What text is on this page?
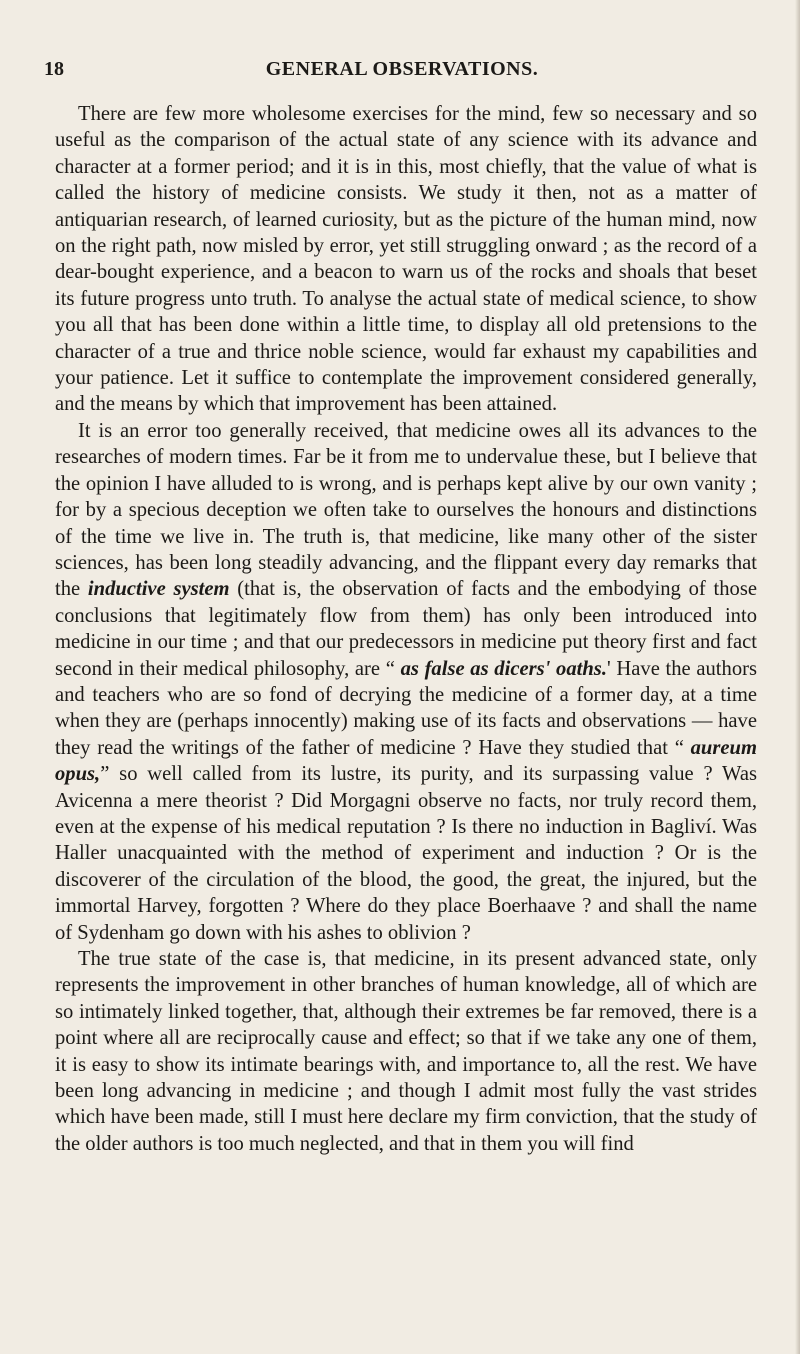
18	GENERAL OBSERVATIONS.

There are few more wholesome exercises for the mind, few so necessary and so useful as the comparison of the actual state of any science with its advance and character at a former period; and it is in this, most chiefly, that the value of what is called the history of medicine consists. We study it then, not as a matter of antiquarian research, of learned curiosity, but as the picture of the human mind, now on the right path, now misled by error, yet still struggling onward ; as the record of a dear-bought experience, and a beacon to warn us of the rocks and shoals that beset its future progress unto truth. To analyse the actual state of medical science, to show you all that has been done within a little time, to display all old pretensions to the character of a true and thrice noble science, would far exhaust my capabilities and your patience. Let it suffice to contemplate the improvement considered generally, and the means by which that improvement has been attained.

It is an error too generally received, that medicine owes all its advances to the researches of modern times. Far be it from me to undervalue these, but I believe that the opinion I have alluded to is wrong, and is perhaps kept alive by our own vanity ; for by a specious deception we often take to ourselves the honours and distinctions of the time we live in. The truth is, that medicine, like many other of the sister sciences, has been long steadily advancing, and the flippant every day remarks that the inductive system (that is, the observation of facts and the embodying of those conclusions that legitimately flow from them) has only been introduced into medicine in our time ; and that our predecessors in medicine put theory first and fact second in their medical philosophy, are “ as false as dicers' oaths.' Have the authors and teachers who are so fond of decrying the medicine of a former day, at a time when they are (perhaps innocently) making use of its facts and observations — have they read the writings of the father of medicine ? Have they studied that “ aureum opus,” so well called from its lustre, its purity, and its surpassing value ? Was Avicenna a mere theorist ? Did Morgagni observe no facts, nor truly record them, even at the expense of his medical reputation ? Is there no induction in Bagliví. Was Haller unacquainted with the method of experiment and induction ? Or is the discoverer of the circulation of the blood, the good, the great, the injured, but the immortal Harvey, forgotten ? Where do they place Boerhaave ? and shall the name of Sydenham go down with his ashes to oblivion ?

The true state of the case is, that medicine, in its present advanced state, only represents the improvement in other branches of human knowledge, all of which are so intimately linked together, that, although their extremes be far removed, there is a point where all are reciprocally cause and effect; so that if we take any one of them, it is easy to show its intimate bearings with, and importance to, all the rest. We have been long advancing in medicine ; and though I admit most fully the vast strides which have been made, still I must here declare my firm conviction, that the study of the older authors is too much neglected, and that in them you will find
